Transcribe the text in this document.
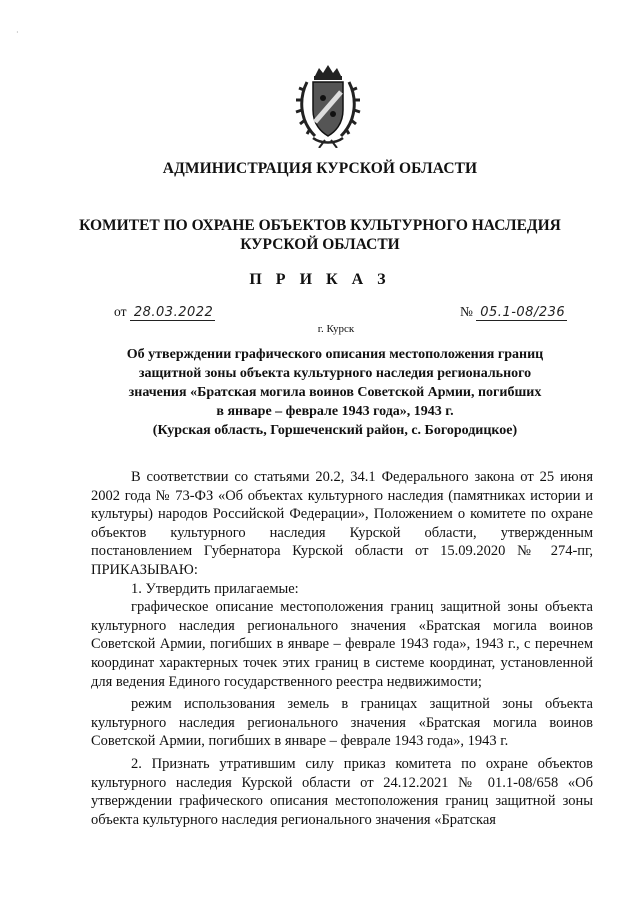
·
АДМИНИСТРАЦИЯ КУРСКОЙ ОБЛАСТИ
КОМИТЕТ ПО ОХРАНЕ ОБЪЕКТОВ КУЛЬТУРНОГО НАСЛЕДИЯ
КУРСКОЙ ОБЛАСТИ
П Р И К А З
от 28.03.2022	№ 05.1-08/236
г. Курск
Об утверждении графического описания местоположения границ
защитной зоны объекта культурного наследия регионального
значения «Братская могила воинов Советской Армии, погибших
в январе – феврале 1943 года», 1943 г.
(Курская область, Горшеченский район, с. Богородицкое)

В соответствии со статьями 20.2, 34.1 Федерального закона от 25 июня 2002 года № 73-ФЗ «Об объектах культурного наследия (памятниках истории и культуры) народов Российской Федерации», Положением о комитете по охране объектов культурного наследия Курской области, утвержденным постановлением Губернатора Курской области от 15.09.2020 № 274-пг, ПРИКАЗЫВАЮ:

1. Утвердить прилагаемые:

графическое описание местоположения границ защитной зоны объекта культурного наследия регионального значения «Братская могила воинов Советской Армии, погибших в январе – феврале 1943 года», 1943 г., с перечнем координат характерных точек этих границ в системе координат, установленной для ведения Единого государственного реестра недвижимости;

режим использования земель в границах защитной зоны объекта культурного наследия регионального значения «Братская могила воинов Советской Армии, погибших в январе – феврале 1943 года», 1943 г.

2. Признать утратившим силу приказ комитета по охране объектов культурного наследия Курской области от 24.12.2021 № 01.1-08/658 «Об утверждении графического описания местоположения границ защитной зоны объекта культурного наследия регионального значения «Братская
